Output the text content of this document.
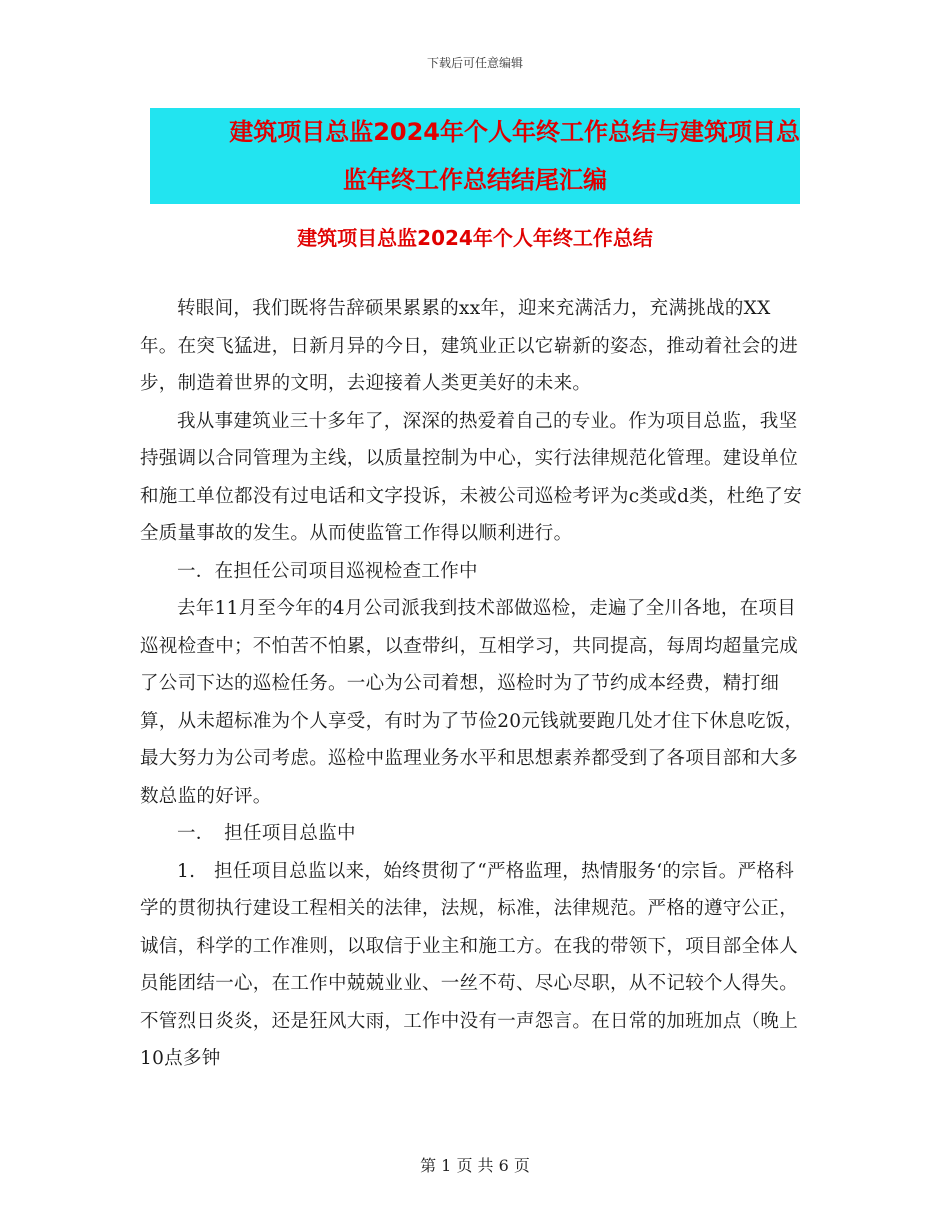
下载后可任意编辑
建筑项目总监2024年个人年终工作总结与建筑项目总
监年终工作总结结尾汇编
建筑项目总监2024年个人年终工作总结

转眼间，我们既将告辞硕果累累的xx年，迎来充满活力，充满挑战的XX年。在突飞猛进，日新月异的今日，建筑业正以它崭新的姿态，推动着社会的进步，制造着世界的文明，去迎接着人类更美好的未来。

我从事建筑业三十多年了，深深的热爱着自己的专业。作为项目总监，我坚持强调以合同管理为主线，以质量控制为中心，实行法律规范化管理。建设单位和施工单位都没有过电话和文字投诉，未被公司巡检考评为c类或d类，杜绝了安全质量事故的发生。从而使监管工作得以顺利进行。

一．在担任公司项目巡视检查工作中

去年11月至今年的4月公司派我到技术部做巡检，走遍了全川各地，在项目巡视检查中；不怕苦不怕累，以查带纠，互相学习，共同提高，每周均超量完成了公司下达的巡检任务。一心为公司着想，巡检时为了节约成本经费，精打细算，从未超标准为个人享受，有时为了节俭20元钱就要跑几处才住下休息吃饭，最大努力为公司考虑。巡检中监理业务水平和思想素养都受到了各项目部和大多数总监的好评。

一．　担任项目总监中

1.　担任项目总监以来，始终贯彻了“严格监理，热情服务‘的宗旨。严格科学的贯彻执行建设工程相关的法律，法规，标准，法律规范。严格的遵守公正，诚信，科学的工作准则，以取信于业主和施工方。在我的带领下，项目部全体人员能团结一心，在工作中兢兢业业、一丝不苟、尽心尽职，从不记较个人得失。不管烈日炎炎，还是狂风大雨，工作中没有一声怨言。在日常的加班加点（晚上10点多钟

第 1 页 共 6 页
